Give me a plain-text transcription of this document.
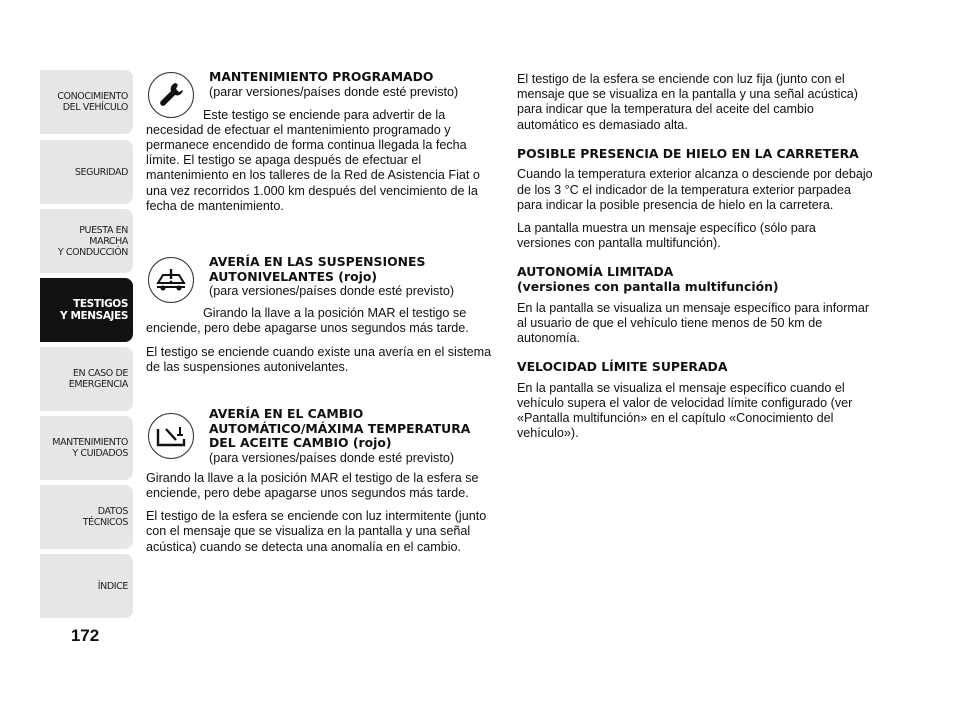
CONOCIMIENTO
DEL VEHÍCULO
SEGURIDAD
PUESTA EN
MARCHA
Y CONDUCCIÓN
TESTIGOS
Y MENSAJES
EN CASO DE
EMERGENCIA
MANTENIMIENTO
Y CUIDADOS
DATOS
TÉCNICOS
ÍNDICE
172
MANTENIMIENTO PROGRAMADO
(parar versiones/países donde esté previsto)

Este testigo se enciende para advertir de la necesidad de efectuar el mantenimiento programado y permanece encendido de forma continua llegada la fecha límite. El testigo se apaga después de efectuar el mantenimiento en los talleres de la Red de Asistencia Fiat o una vez recorridos 1.000 km después del vencimiento de la fecha de mantenimiento.

AVERÍA EN LAS SUSPENSIONES AUTONIVELANTES (rojo)
(para versiones/países donde esté previsto)

Girando la llave a la posición MAR el testigo se enciende, pero debe apagarse unos segundos más tarde.

El testigo se enciende cuando existe una avería en el sistema de las suspensiones autonivelantes.

AVERÍA EN EL CAMBIO AUTOMÁTICO/MÁXIMA TEMPERATURA DEL ACEITE CAMBIO (rojo)
(para versiones/países donde esté previsto)

Girando la llave a la posición MAR el testigo de la esfera se enciende, pero debe apagarse unos segundos más tarde.

El testigo de la esfera se enciende con luz intermitente (junto con el mensaje que se visualiza en la pantalla y una señal acústica) cuando se detecta una anomalía en el cambio.

El testigo de la esfera se enciende con luz fija (junto con el mensaje que se visualiza en la pantalla y una señal acústica) para indicar que la temperatura del aceite del cambio automático es demasiado alta.

POSIBLE PRESENCIA DE HIELO EN LA CARRETERA

Cuando la temperatura exterior alcanza o desciende por debajo de los 3 °C el indicador de la temperatura exterior parpadea para indicar la posible presencia de hielo en la carretera.

La pantalla muestra un mensaje específico (sólo para versiones con pantalla multifunción).

AUTONOMÍA LIMITADA
(versiones con pantalla multifunción)

En la pantalla se visualiza un mensaje específico para informar al usuario de que el vehículo tiene menos de 50 km de autonomía.

VELOCIDAD LÍMITE SUPERADA

En la pantalla se visualiza el mensaje específico cuando el vehículo supera el valor de velocidad límite configurado (ver «Pantalla multifunción» en el capítulo «Conocimiento del vehículo»).
